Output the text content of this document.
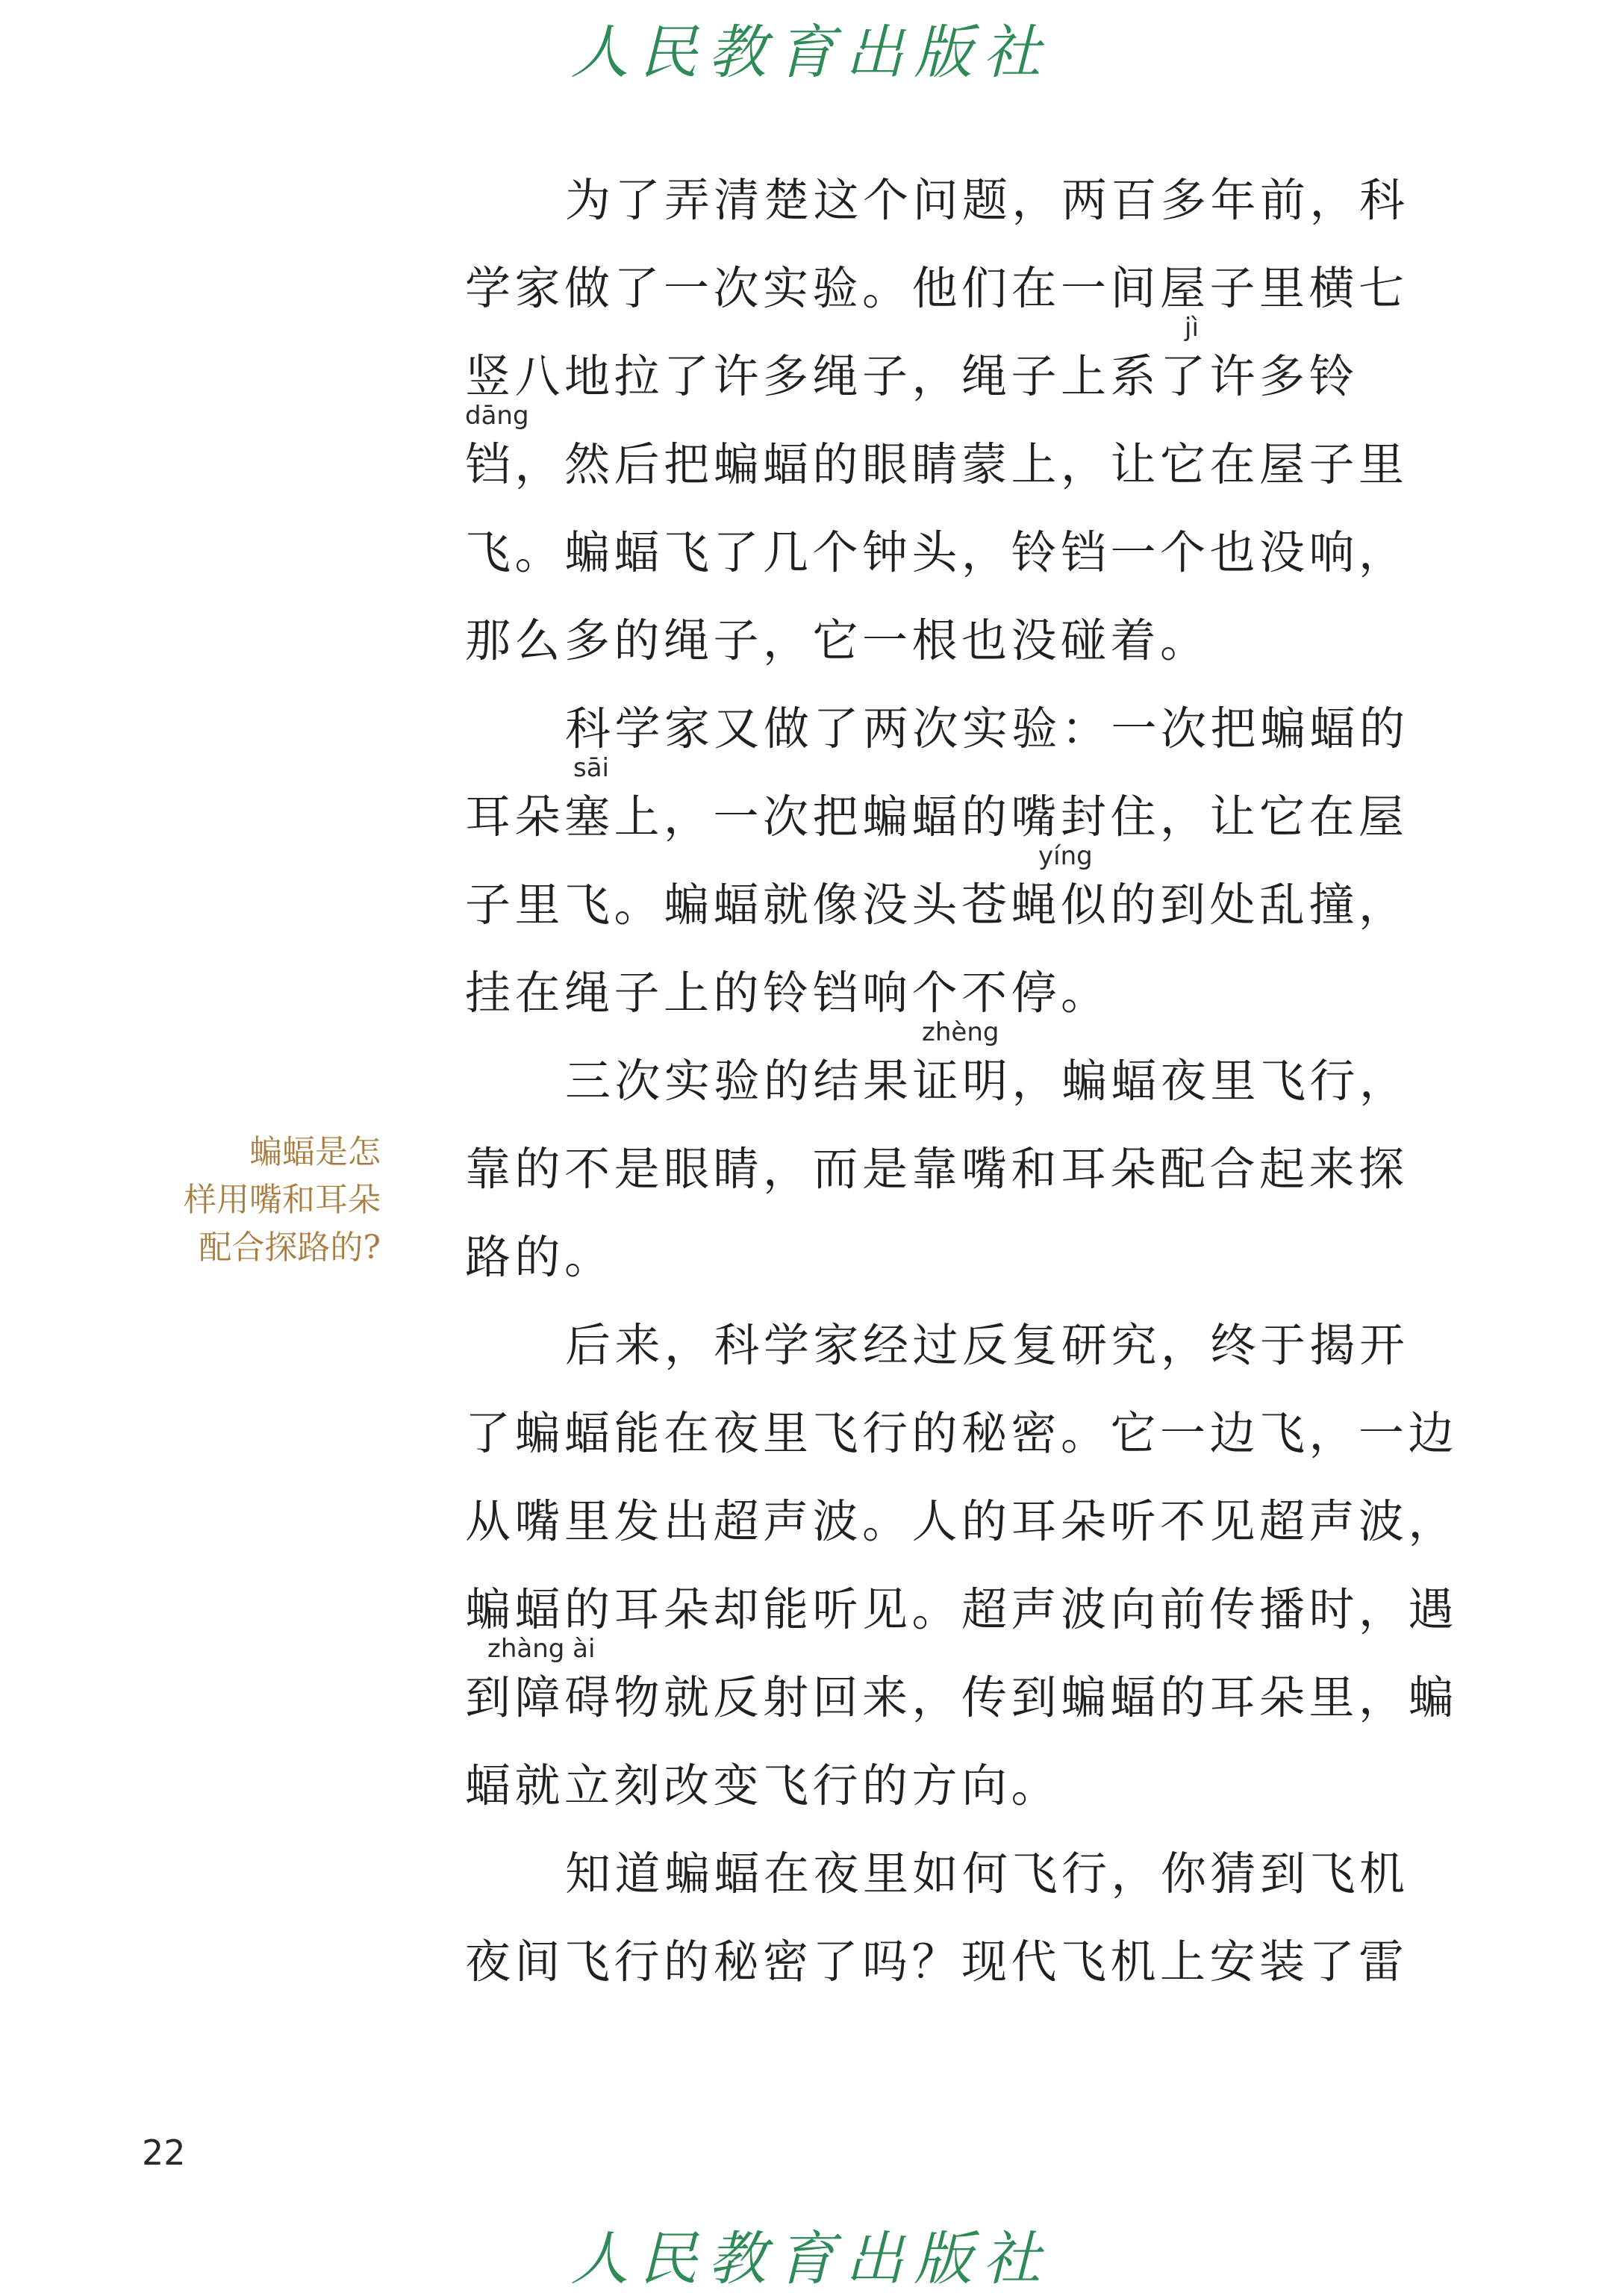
人民教育出版社
为了弄清楚这个问题，两百多年前，科
学家做了一次实验。他们在一间屋子里横七
jì
竖八地拉了许多绳子，绳子上系了许多铃
dāng
铛，然后把蝙蝠的眼睛蒙上，让它在屋子里
飞。蝙蝠飞了几个钟头，铃铛一个也没响，
那么多的绳子，它一根也没碰着。
科学家又做了两次实验：一次把蝙蝠的
sāi
耳朵塞上，一次把蝙蝠的嘴封住，让它在屋
yíng
子里飞。蝙蝠就像没头苍蝇似的到处乱撞，
挂在绳子上的铃铛响个不停。
zhèng
三次实验的结果证明，蝙蝠夜里飞行，
靠的不是眼睛，而是靠嘴和耳朵配合起来探
路的。
后来，科学家经过反复研究，终于揭开
了蝙蝠能在夜里飞行的秘密。它一边飞，一边
从嘴里发出超声波。人的耳朵听不见超声波，
蝙蝠的耳朵却能听见。超声波向前传播时，遇
zhàng ài
到障碍物就反射回来，传到蝙蝠的耳朵里，蝙
蝠就立刻改变飞行的方向。
知道蝙蝠在夜里如何飞行，你猜到飞机
夜间飞行的秘密了吗？现代飞机上安装了雷
蝙蝠是怎
样用嘴和耳朵
配合探路的?
22
人民教育出版社
